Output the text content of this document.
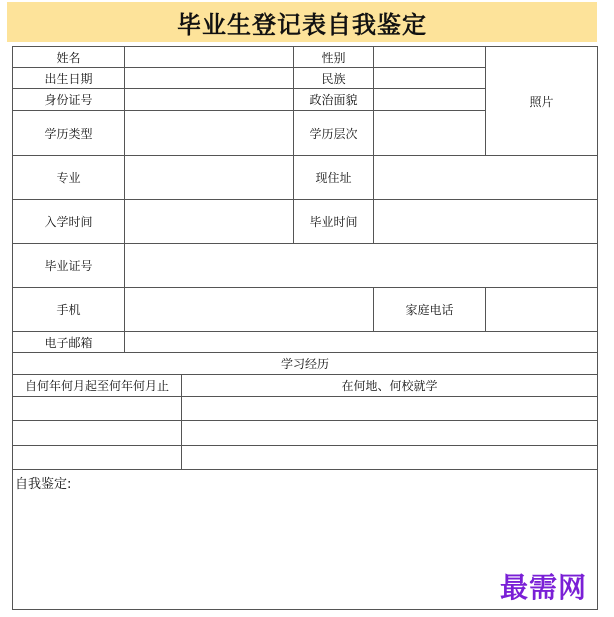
毕业生登记表自我鉴定
姓名	性别
照片
出生日期	民族
身份证号	政治面貌
学历类型	学历层次
专业	现住址
入学时间	毕业时间
毕业证号
手机	家庭电话
电子邮箱
学习经历
自何年何月起至何年何月止	在何地、何校就学
自我鉴定:
最需网
